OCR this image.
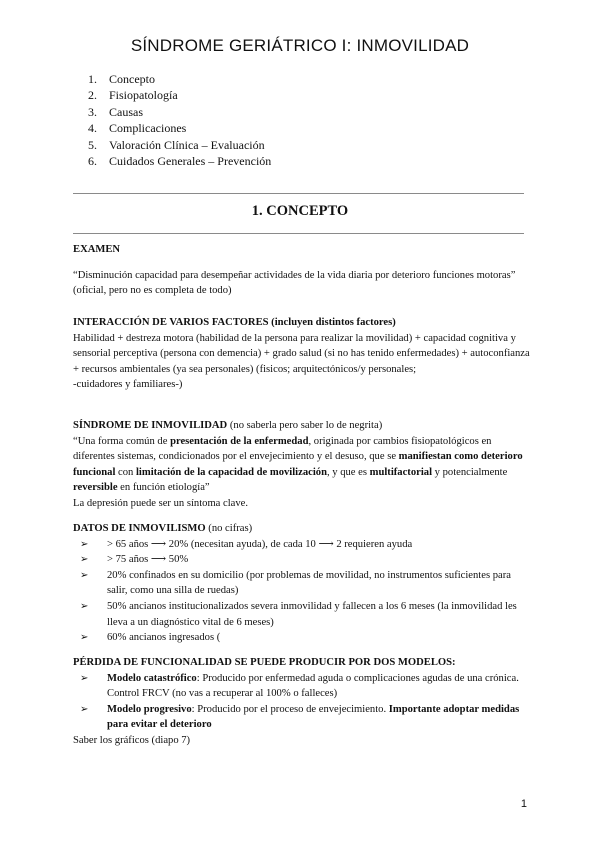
SÍNDROME GERIÁTRICO I: INMOVILIDAD
1.	Concepto
2.	Fisiopatología
3.	Causas
4.	Complicaciones
5.	Valoración Clínica – Evaluación
6.	Cuidados Generales – Prevención
1. CONCEPTO

EXAMEN

“Disminución capacidad para desempeñar actividades de la vida diaria por deterioro funciones motoras” (oficial, pero no es completa de todo)

INTERACCIÓN DE VARIOS FACTORES (incluyen distintos factores)

Habilidad + destreza motora (habilidad de la persona para realizar la movilidad) + capacidad cognitiva y sensorial perceptiva (persona con demencia) + grado salud (si no has tenido enfermedades) + autoconfianza + recursos ambientales (ya sea personales) (fisicos; arquitectónicos/y personales;

-cuidadores y familiares-)

SÍNDROME DE INMOVILIDAD (no saberla pero saber lo de negrita)

“Una forma común de presentación de la enfermedad, originada por cambios fisiopatológicos en diferentes sistemas, condicionados por el envejecimiento y el desuso, que se manifiestan como deterioro funcional con limitación de la capacidad de movilización, y que es multifactorial y potencialmente reversible en función etiología”

La depresión puede ser un síntoma clave.

DATOS DE INMOVILISMO (no cifras)

➢ > 65 años ⟶ 20% (necesitan ayuda), de cada 10 ⟶ 2 requieren ayuda
➢ > 75 años ⟶ 50%
➢ 20% confinados en su domicilio (por problemas de movilidad, no instrumentos suficientes para salir, como una silla de ruedas)
➢ 50% ancianos institucionalizados severa inmovilidad y fallecen a los 6 meses (la inmovilidad les lleva a un diagnóstico vital de 6 meses)
➢ 60% ancianos ingresados (

PÉRDIDA DE FUNCIONALIDAD SE PUEDE PRODUCIR POR DOS MODELOS:

➢ Modelo catastrófico: Producido por enfermedad aguda o complicaciones agudas de una crónica. Control FRCV (no vas a recuperar al 100% o falleces)
➢ Modelo progresivo: Producido por el proceso de envejecimiento. Importante adoptar medidas para evitar el deterioro

Saber los gráficos (diapo 7)

1
